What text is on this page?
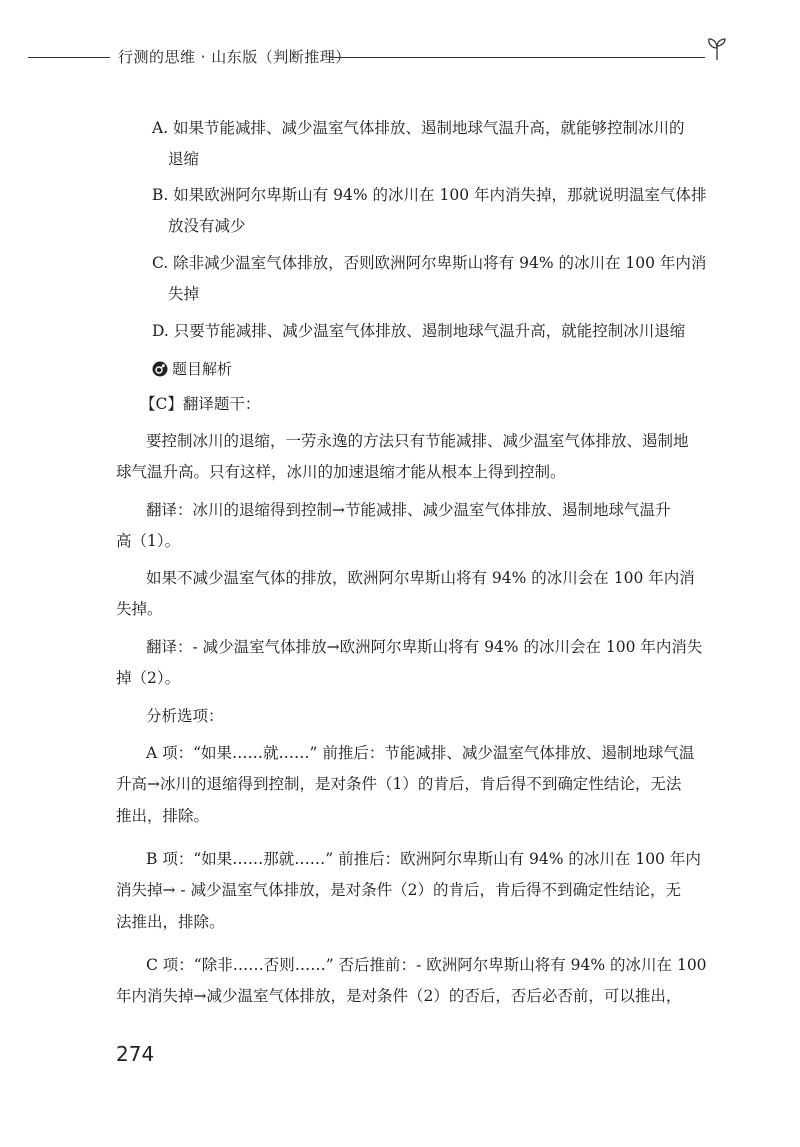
行测的思维 · 山东版（判断推理）
A. 如果节能减排、减少温室气体排放、遏制地球气温升高，就能够控制冰川的
退缩
B. 如果欧洲阿尔卑斯山有 94% 的冰川在 100 年内消失掉，那就说明温室气体排
放没有减少
C. 除非减少温室气体排放，否则欧洲阿尔卑斯山将有 94% 的冰川在 100 年内消
失掉
D. 只要节能减排、减少温室气体排放、遏制地球气温升高，就能控制冰川退缩
题目解析
【C】翻译题干：
要控制冰川的退缩，一劳永逸的方法只有节能减排、减少温室气体排放、遏制地
球气温升高。只有这样，冰川的加速退缩才能从根本上得到控制。
翻译：冰川的退缩得到控制→节能减排、减少温室气体排放、遏制地球气温升
高（1）。
如果不减少温室气体的排放，欧洲阿尔卑斯山将有 94% 的冰川会在 100 年内消
失掉。
翻译：- 减少温室气体排放→欧洲阿尔卑斯山将有 94% 的冰川会在 100 年内消失
掉（2）。
分析选项：
A 项：“如果……就……” 前推后：节能减排、减少温室气体排放、遏制地球气温
升高→冰川的退缩得到控制，是对条件（1）的肯后，肯后得不到确定性结论，无法
推出，排除。
B 项：“如果……那就……” 前推后：欧洲阿尔卑斯山有 94% 的冰川在 100 年内
消失掉→ - 减少温室气体排放，是对条件（2）的肯后，肯后得不到确定性结论，无
法推出，排除。
C 项：“除非……否则……” 否后推前：- 欧洲阿尔卑斯山将有 94% 的冰川在 100
年内消失掉→减少温室气体排放，是对条件（2）的否后，否后必否前，可以推出，
274
